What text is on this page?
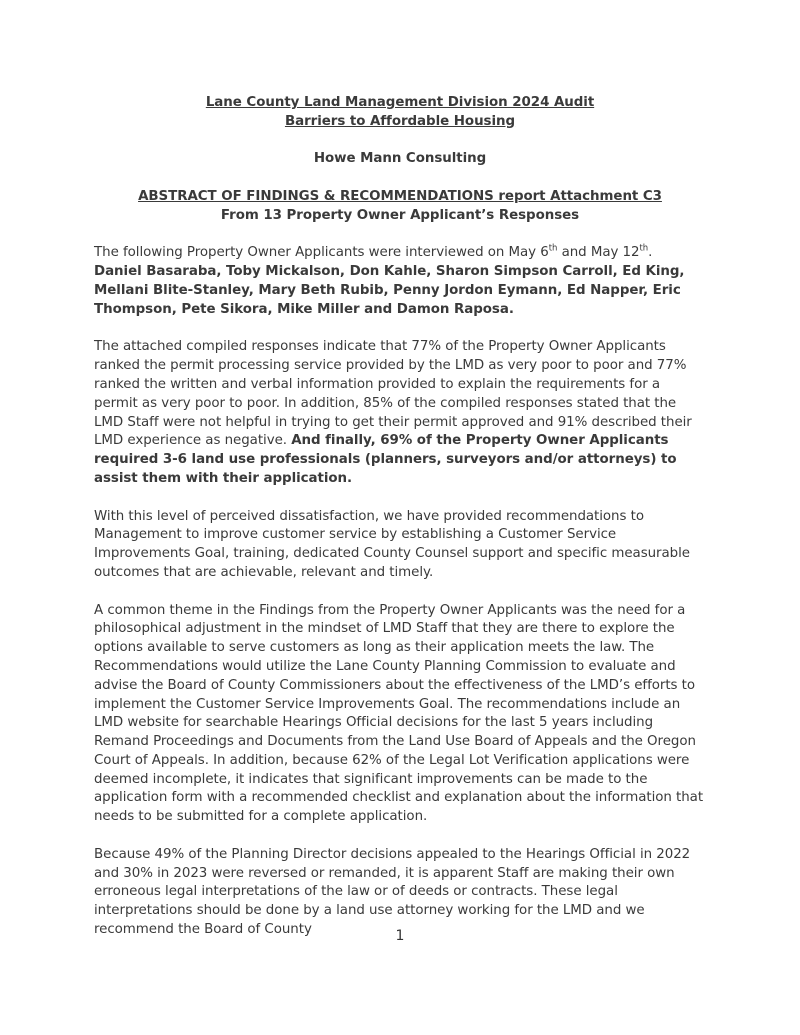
Lane County Land Management Division 2024 Audit
Barriers to Affordable Housing
Howe Mann Consulting
ABSTRACT OF FINDINGS & RECOMMENDATIONS report Attachment C3
From 13 Property Owner Applicant’s Responses

The following Property Owner Applicants were interviewed on May 6th and May 12th.
Daniel Basaraba, Toby Mickalson, Don Kahle, Sharon Simpson Carroll, Ed King, Mellani Blite-Stanley, Mary Beth Rubib, Penny Jordon Eymann, Ed Napper, Eric Thompson, Pete Sikora, Mike Miller and Damon Raposa.

The attached compiled responses indicate that 77% of the Property Owner Applicants ranked the permit processing service provided by the LMD as very poor to poor and 77% ranked the written and verbal information provided to explain the requirements for a permit as very poor to poor. In addition, 85% of the compiled responses stated that the LMD Staff were not helpful in trying to get their permit approved and 91% described their LMD experience as negative. And finally, 69% of the Property Owner Applicants required 3-6 land use professionals (planners, surveyors and/or attorneys) to assist them with their application.

With this level of perceived dissatisfaction, we have provided recommendations to Management to improve customer service by establishing a Customer Service Improvements Goal, training, dedicated County Counsel support and specific measurable outcomes that are achievable, relevant and timely.

A common theme in the Findings from the Property Owner Applicants was the need for a philosophical adjustment in the mindset of LMD Staff that they are there to explore the options available to serve customers as long as their application meets the law. The Recommendations would utilize the Lane County Planning Commission to evaluate and advise the Board of County Commissioners about the effectiveness of the LMD’s efforts to implement the Customer Service Improvements Goal. The recommendations include an LMD website for searchable Hearings Official decisions for the last 5 years including Remand Proceedings and Documents from the Land Use Board of Appeals and the Oregon Court of Appeals. In addition, because 62% of the Legal Lot Verification applications were deemed incomplete, it indicates that significant improvements can be made to the application form with a recommended checklist and explanation about the information that needs to be submitted for a complete application.

Because 49% of the Planning Director decisions appealed to the Hearings Official in 2022 and 30% in 2023 were reversed or remanded, it is apparent Staff are making their own erroneous legal interpretations of the law or of deeds or contracts. These legal interpretations should be done by a land use attorney working for the LMD and we recommend the Board of County	1
